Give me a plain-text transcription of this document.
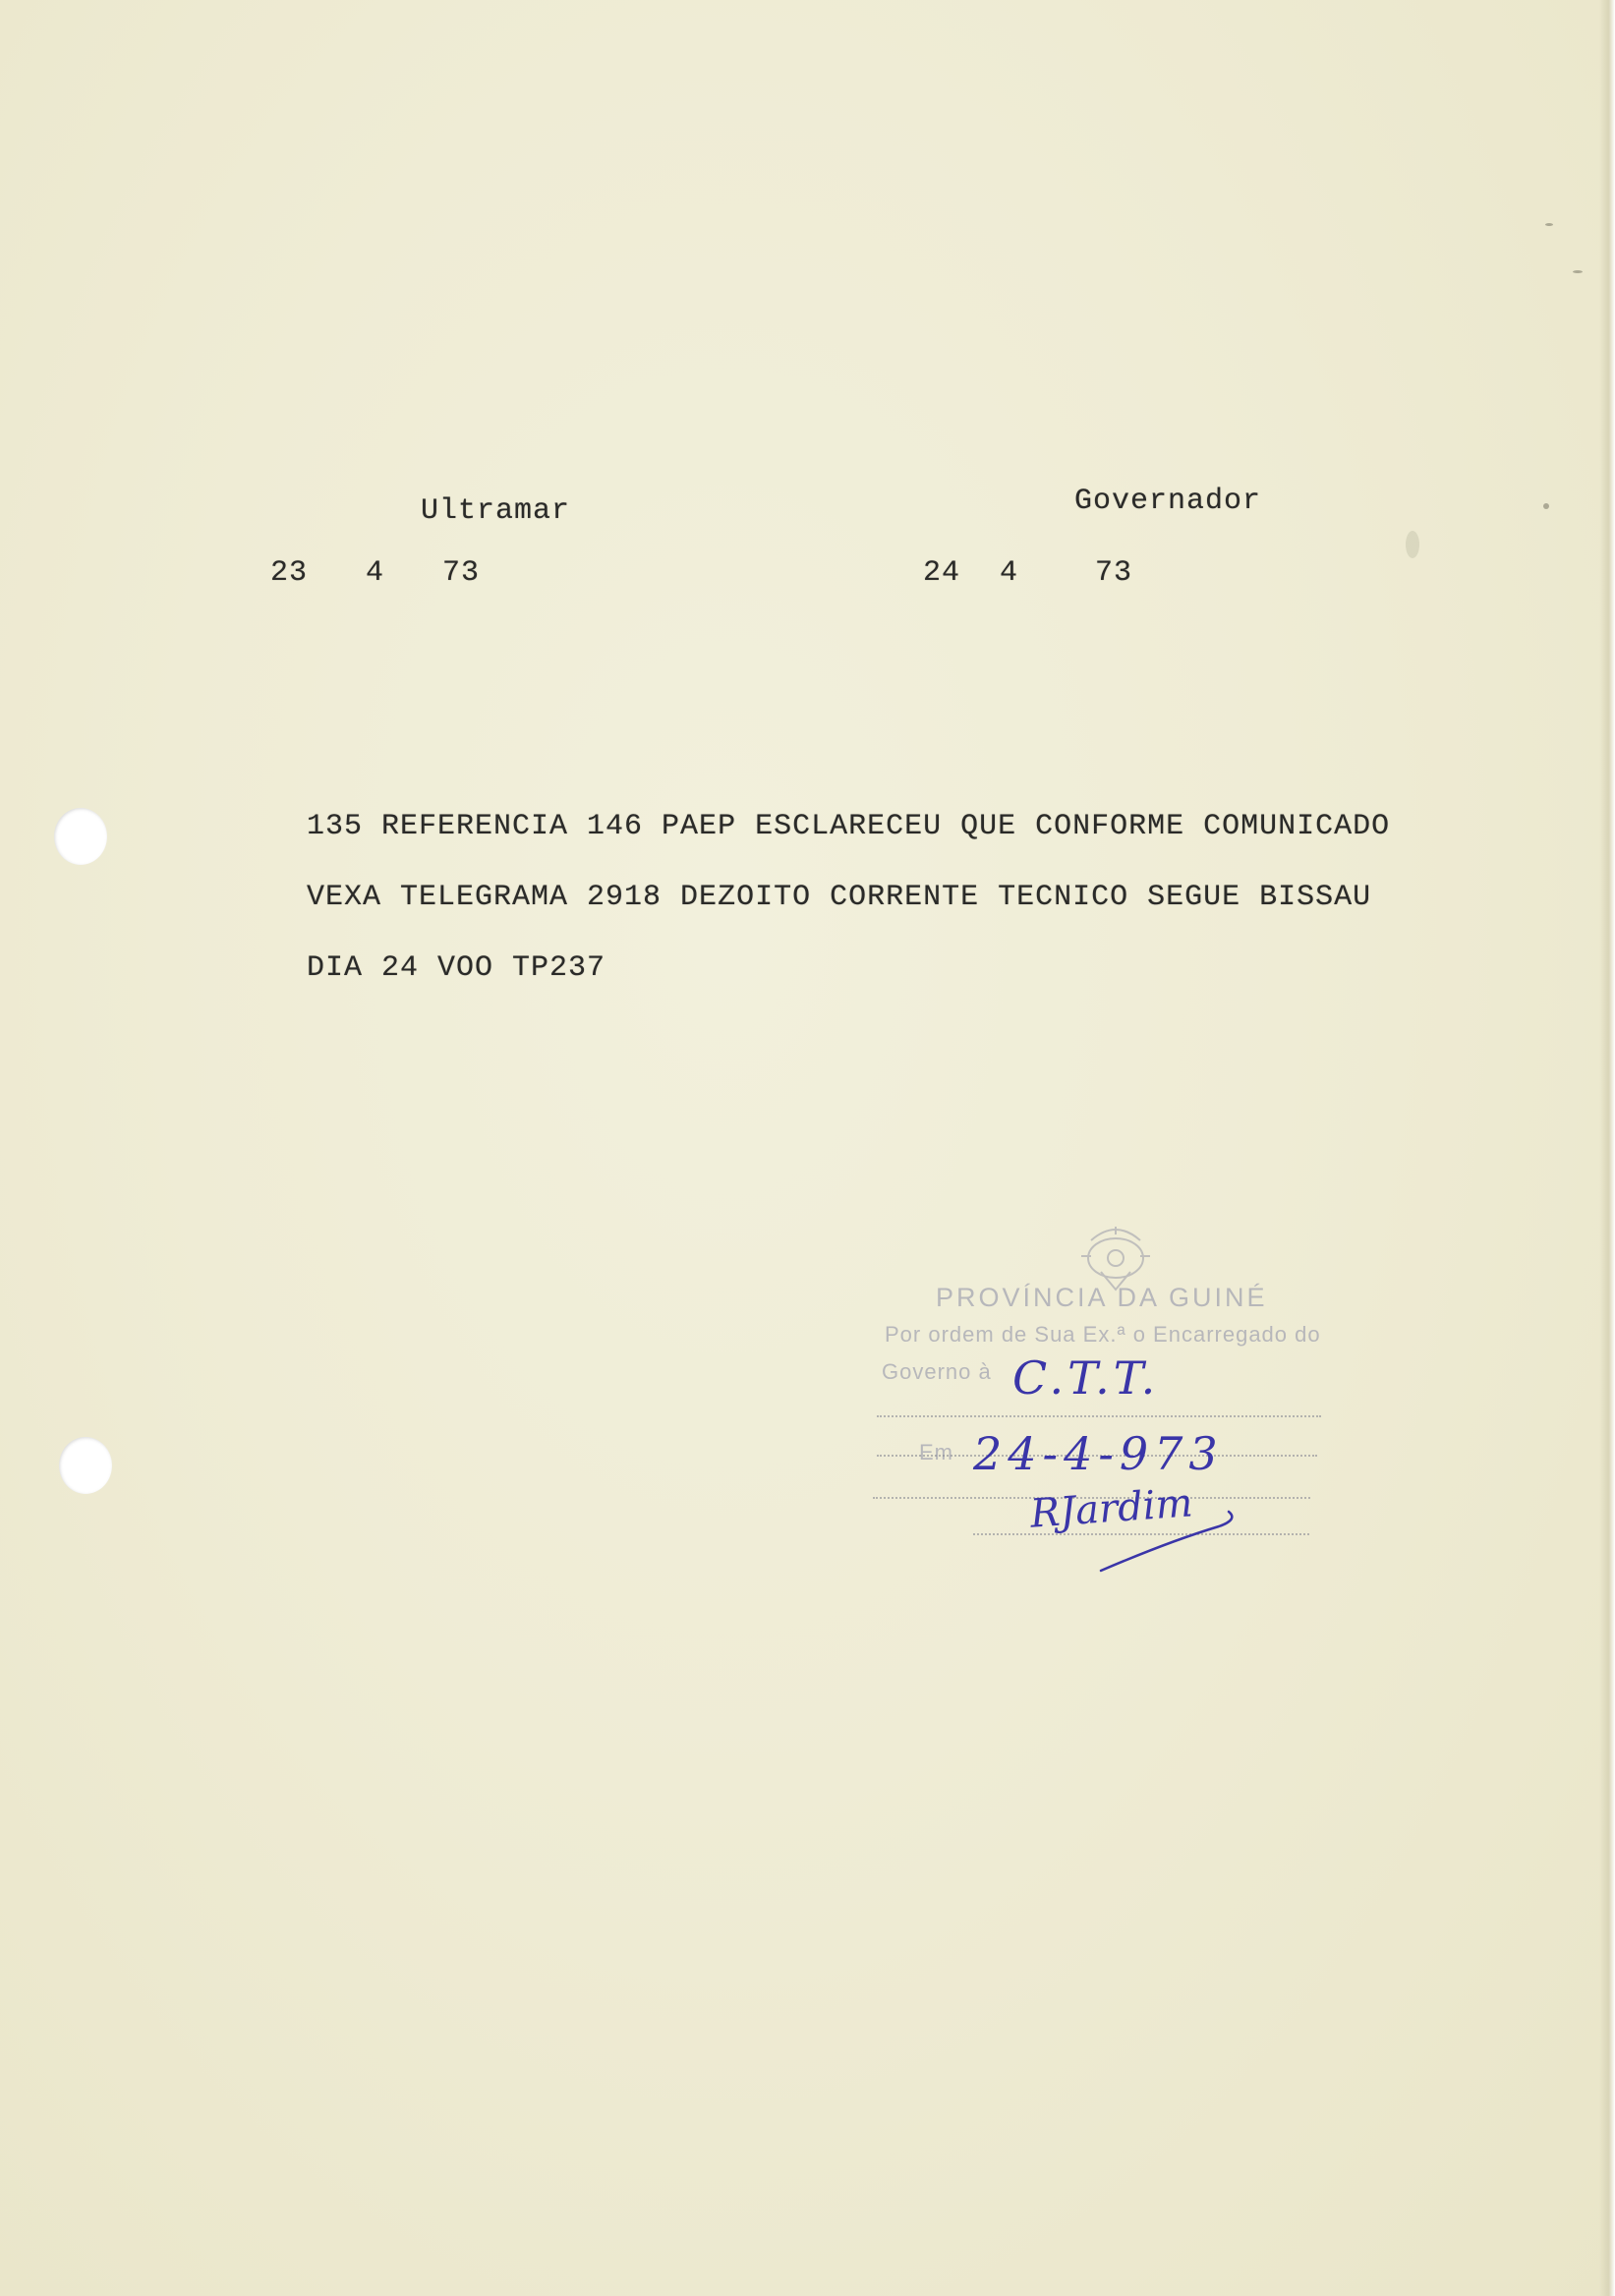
Ultramar	Governador
23 4 73	24 4	73
135 REFERENCIA 146 PAEP ESCLARECEU QUE CONFORME COMUNICADO
VEXA TELEGRAMA 2918 DEZOITO CORRENTE TECNICO SEGUE BISSAU
DIA 24 VOO TP237
PROVÍNCIA DA GUINÉ
Por ordem de Sua Ex.ª o Encarregado do
Governo à
Em
C.T.T.
24-4-973
RJardim
